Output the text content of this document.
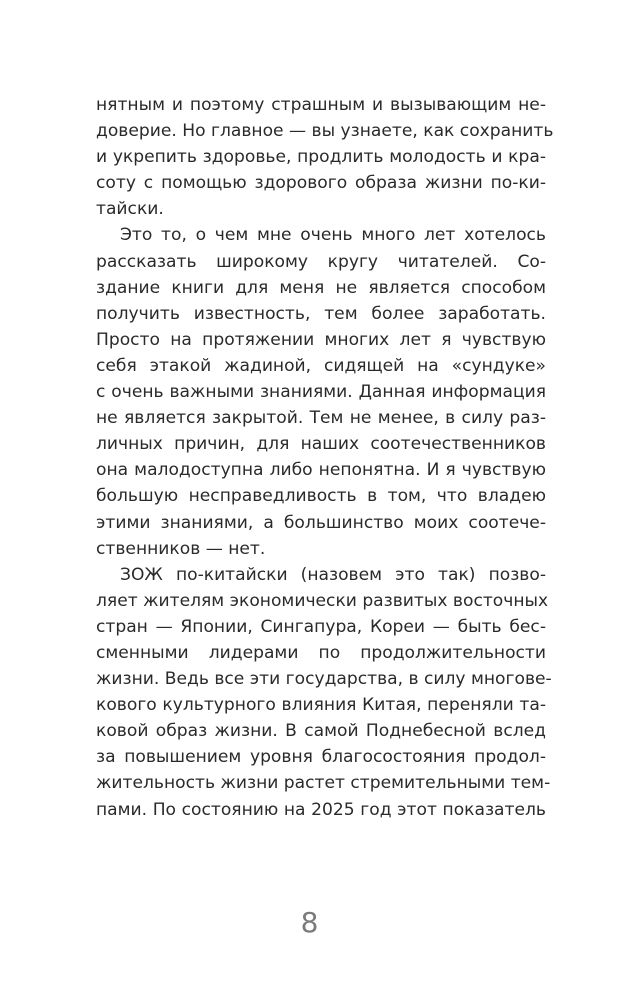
нятным и поэтому страшным и вызывающим не-
доверие. Но главное — вы узнаете, как сохранить
и укрепить здоровье, продлить молодость и кра-
соту с помощью здорового образа жизни по-ки-
тайски.
Это то, о чем мне очень много лет хотелось
рассказать широкому кругу читателей. Со-
здание книги для меня не является способом
получить известность, тем более заработать.
Просто на протяжении многих лет я чувствую
себя этакой жадиной, сидящей на «сундуке»
с очень важными знаниями. Данная информация
не является закрытой. Тем не менее, в силу раз-
личных причин, для наших соотечественников
она малодоступна либо непонятна. И я чувствую
большую несправедливость в том, что владею
этими знаниями, а большинство моих соотече-
ственников — нет.
ЗОЖ по-китайски (назовем это так) позво-
ляет жителям экономически развитых восточных
стран — Японии, Сингапура, Кореи — быть бес-
сменными лидерами по продолжительности
жизни. Ведь все эти государства, в силу многове-
кового культурного влияния Китая, переняли та-
ковой образ жизни. В самой Поднебесной вслед
за повышением уровня благосостояния продол-
жительность жизни растет стремительными тем-
пами. По состоянию на 2025 год этот показатель
8
